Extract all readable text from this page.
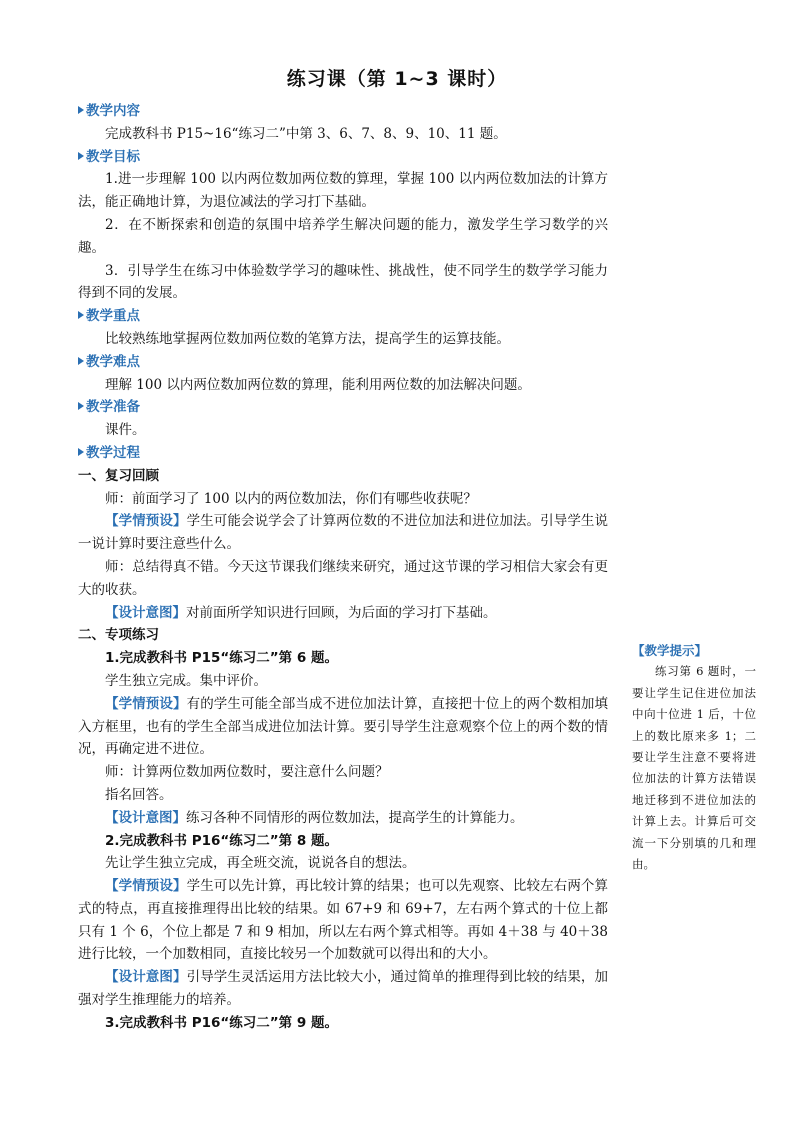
练习课（第 1~3 课时）
教学内容
完成教科书 P15~16“练习二”中第 3、6、7、8、9、10、11 题。
教学目标
1.进一步理解 100 以内两位数加两位数的算理，掌握 100 以内两位数加法的计算方法，能正确地计算，为退位减法的学习打下基础。
2．在不断探索和创造的氛围中培养学生解决问题的能力，激发学生学习数学的兴趣。
3．引导学生在练习中体验数学学习的趣味性、挑战性，使不同学生的数学学习能力得到不同的发展。
教学重点
比较熟练地掌握两位数加两位数的笔算方法，提高学生的运算技能。
教学难点
理解 100 以内两位数加两位数的算理，能利用两位数的加法解决问题。
教学准备
课件。
教学过程
一、复习回顾
师：前面学习了 100 以内的两位数加法，你们有哪些收获呢？
【学情预设】学生可能会说学会了计算两位数的不进位加法和进位加法。引导学生说一说计算时要注意些什么。
师：总结得真不错。今天这节课我们继续来研究，通过这节课的学习相信大家会有更大的收获。
【设计意图】对前面所学知识进行回顾，为后面的学习打下基础。
二、专项练习
1.完成教科书 P15“练习二”第 6 题。
学生独立完成。集中评价。
【学情预设】有的学生可能全部当成不进位加法计算，直接把十位上的两个数相加填入方框里，也有的学生全部当成进位加法计算。要引导学生注意观察个位上的两个数的情况，再确定进不进位。
师：计算两位数加两位数时，要注意什么问题？
指名回答。
【设计意图】练习各种不同情形的两位数加法，提高学生的计算能力。
2.完成教科书 P16“练习二”第 8 题。
先让学生独立完成，再全班交流，说说各自的想法。
【学情预设】学生可以先计算，再比较计算的结果；也可以先观察、比较左右两个算式的特点，再直接推理得出比较的结果。如 67+9 和 69+7，左右两个算式的十位上都只有 1 个 6，个位上都是 7 和 9 相加，所以左右两个算式相等。再如 4＋38 与 40＋38 进行比较，一个加数相同，直接比较另一个加数就可以得出和的大小。
【设计意图】引导学生灵活运用方法比较大小，通过简单的推理得到比较的结果，加强对学生推理能力的培养。
3.完成教科书 P16“练习二”第 9 题。
【教学提示】
练习第 6 题时，一要让学生记住进位加法中向十位进 1 后，十位上的数比原来多 1；二要让学生注意不要将进位加法的计算方法错误地迁移到不进位加法的计算上去。计算后可交流一下分别填的几和理由。
